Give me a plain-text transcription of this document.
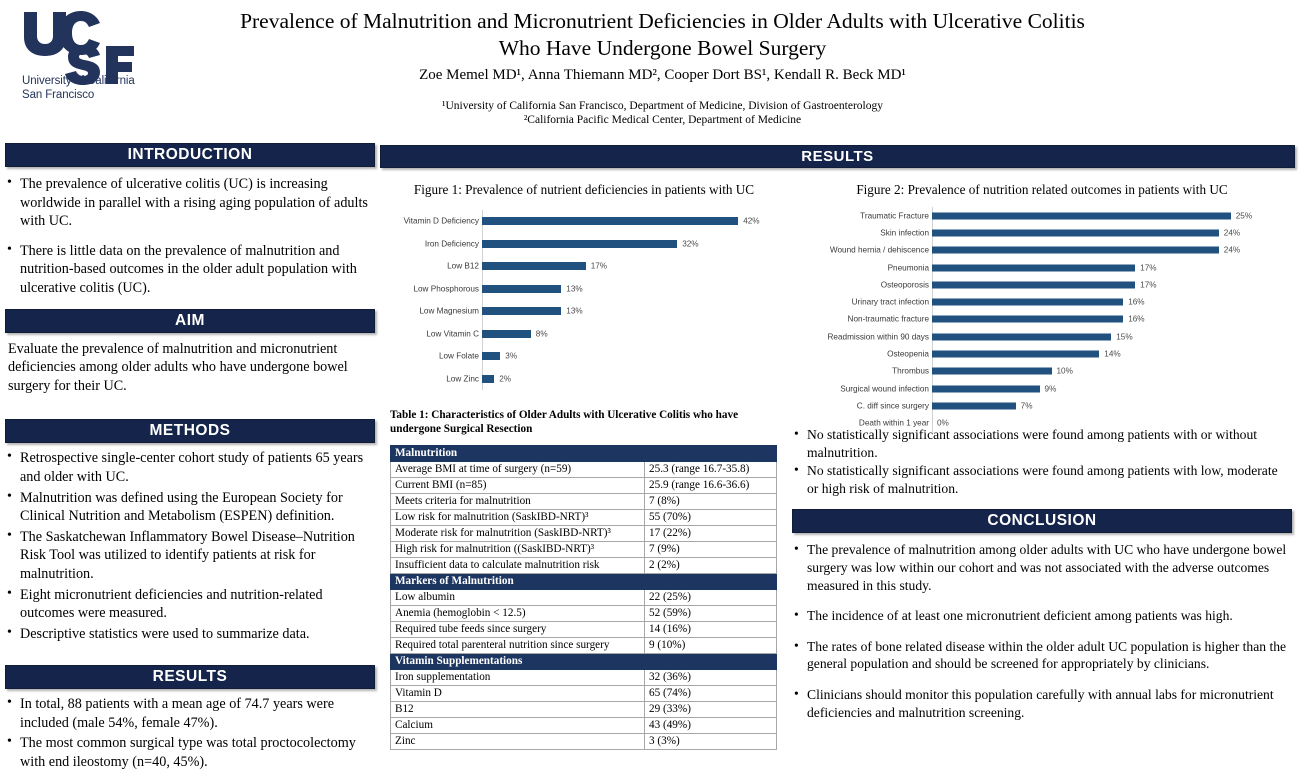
University of California
San Francisco
Prevalence of Malnutrition and Micronutrient Deficiencies in Older Adults with Ulcerative Colitis
Who Have Undergone Bowel Surgery
Zoe Memel MD¹, Anna Thiemann MD², Cooper Dort BS¹, Kendall R. Beck MD¹
¹University of California San Francisco, Department of Medicine, Division of Gastroenterology
²California Pacific Medical Center, Department of Medicine
INTRODUCTION
• The prevalence of ulcerative colitis (UC) is increasing worldwide in parallel with a rising aging population of adults with UC.
• There is little data on the prevalence of malnutrition and nutrition-based outcomes in the older adult population with ulcerative colitis (UC).
AIM

Evaluate the prevalence of malnutrition and micronutrient deficiencies among older adults who have undergone bowel surgery for their UC.

METHODS
• Retrospective single-center cohort study of patients 65 years and older with UC.
• Malnutrition was defined using the European Society for Clinical Nutrition and Metabolism (ESPEN) definition.
• The Saskatchewan Inflammatory Bowel Disease–Nutrition Risk Tool was utilized to identify patients at risk for malnutrition.
• Eight micronutrient deficiencies and nutrition-related outcomes were measured.
• Descriptive statistics were used to summarize data.
RESULTS
• In total, 88 patients with a mean age of 74.7 years were included (male 54%, female 47%).
• The most common surgical type was total proctocolectomy with end ileostomy (n=40, 45%).
RESULTS
Figure 1: Prevalence of nutrient deficiencies in patients with UC
Vitamin D Deficiency	42%
Iron Deficiency	32%
Low B12	17%
Low Phosphorous	13%
Low Magnesium	13%
Low Vitamin C	8%
Low Folate	3%
Low Zinc 2%
Figure 2: Prevalence of nutrition related outcomes in patients with UC
Traumatic Fracture	25%
Skin infection	24%
Wound hernia / dehiscence	24%
Pneumonia	17%
Osteoporosis	17%
Urinary tract infection	16%
Non-traumatic fracture	16%
Readmission within 90 days	15%
Osteopenia	14%
Thrombus	10%
Surgical wound infection	9%
C. diff since surgery	7%
Death within 1 year 0%
Table 1: Characteristics of Older Adults with Ulcerative Colitis who have undergone Surgical Resection
Malnutrition	
Average BMI at time of surgery (n=59)	25.3 (range 16.7-35.8)
Current BMI (n=85)	25.9 (range 16.6-36.6)
Meets criteria for malnutrition	7 (8%)
Low risk for malnutrition (SaskIBD-NRT)³	55 (70%)
Moderate risk for malnutrition (SaskIBD-NRT)³	17 (22%)
High risk for malnutrition ((SaskIBD-NRT)³	7 (9%)
Insufficient data to calculate malnutrition risk	2 (2%)
Markers of Malnutrition	
Low albumin	22 (25%)
Anemia (hemoglobin < 12.5)	52 (59%)
Required tube feeds since surgery	14 (16%)
Required total parenteral nutrition since surgery	9 (10%)
Vitamin Supplementations	
Iron supplementation	32 (36%)
Vitamin D	65 (74%)
B12	29 (33%)
Calcium	43 (49%)
Zinc	3 (3%)
• No statistically significant associations were found among patients with or without malnutrition.
• No statistically significant associations were found among patients with low, moderate or high risk of malnutrition.
CONCLUSION
• The prevalence of malnutrition among older adults with UC who have undergone bowel surgery was low within our cohort and was not associated with the adverse outcomes measured in this study.
• The incidence of at least one micronutrient deficient among patients was high.
• The rates of bone related disease within the older adult UC population is higher than the general population and should be screened for appropriately by clinicians.
• Clinicians should monitor this population carefully with annual labs for micronutrient deficiencies and malnutrition screening.
